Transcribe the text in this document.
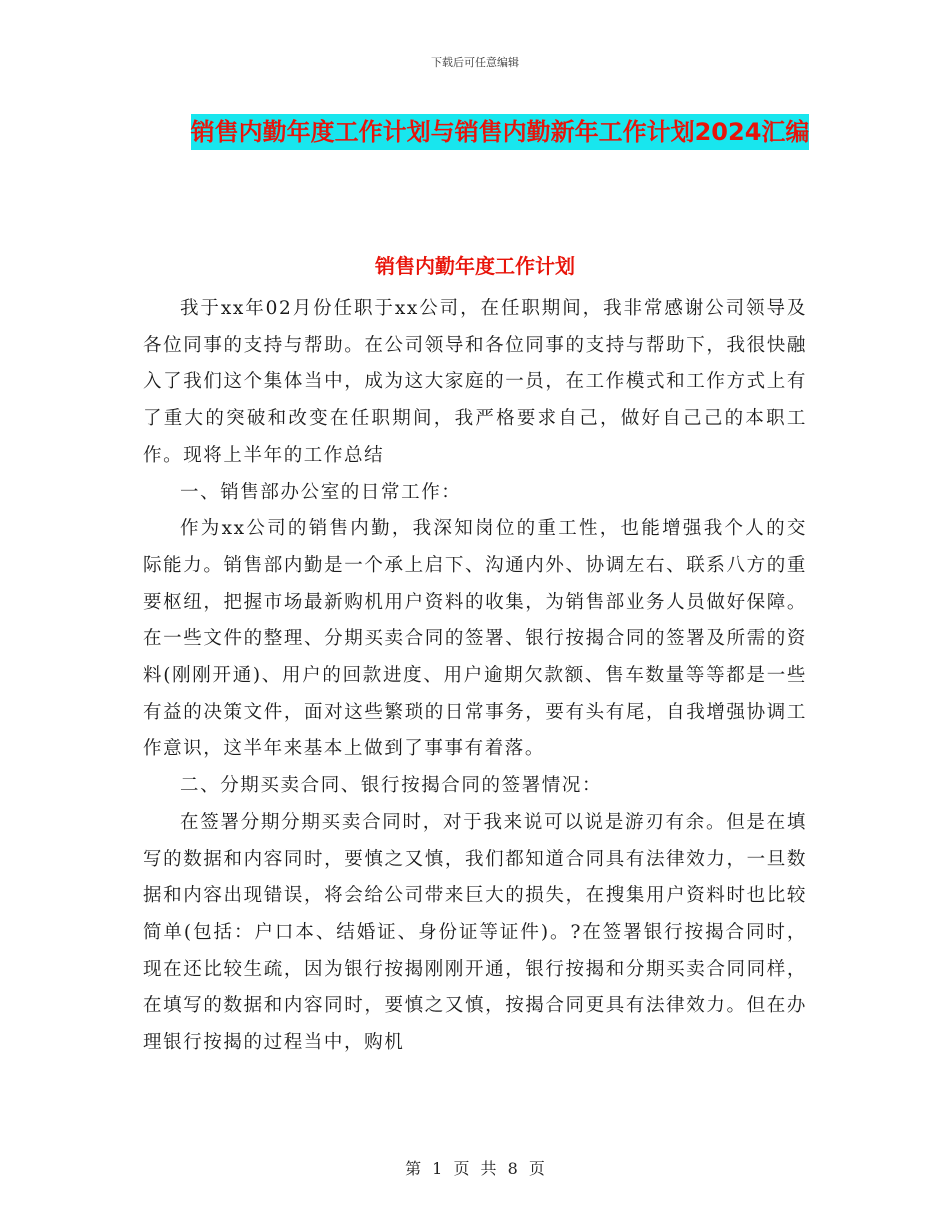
下载后可任意编辑
销售内勤年度工作计划与销售内勤新年工作计划2024汇编
销售内勤年度工作计划

我于xx年02月份任职于xx公司，在任职期间，我非常感谢公司领导及各位同事的支持与帮助。在公司领导和各位同事的支持与帮助下，我很快融入了我们这个集体当中，成为这大家庭的一员，在工作模式和工作方式上有了重大的突破和改变在任职期间，我严格要求自己，做好自己己的本职工作。现将上半年的工作总结

一、销售部办公室的日常工作：

作为xx公司的销售内勤，我深知岗位的重工性，也能增强我个人的交际能力。销售部内勤是一个承上启下、沟通内外、协调左右、联系八方的重要枢纽，把握市场最新购机用户资料的收集，为销售部业务人员做好保障。在一些文件的整理、分期买卖合同的签署、银行按揭合同的签署及所需的资料(刚刚开通)、用户的回款进度、用户逾期欠款额、售车数量等等都是一些有益的决策文件，面对这些繁琐的日常事务，要有头有尾，自我增强协调工作意识，这半年来基本上做到了事事有着落。

二、分期买卖合同、银行按揭合同的签署情况：

在签署分期分期买卖合同时，对于我来说可以说是游刃有余。但是在填写的数据和内容同时，要慎之又慎，我们都知道合同具有法律效力，一旦数据和内容出现错误，将会给公司带来巨大的损失，在搜集用户资料时也比较简单(包括：户口本、结婚证、身份证等证件)。?在签署银行按揭合同时，现在还比较生疏，因为银行按揭刚刚开通，银行按揭和分期买卖合同同样，在填写的数据和内容同时，要慎之又慎，按揭合同更具有法律效力。但在办理银行按揭的过程当中，购机

第 1 页 共 8 页
